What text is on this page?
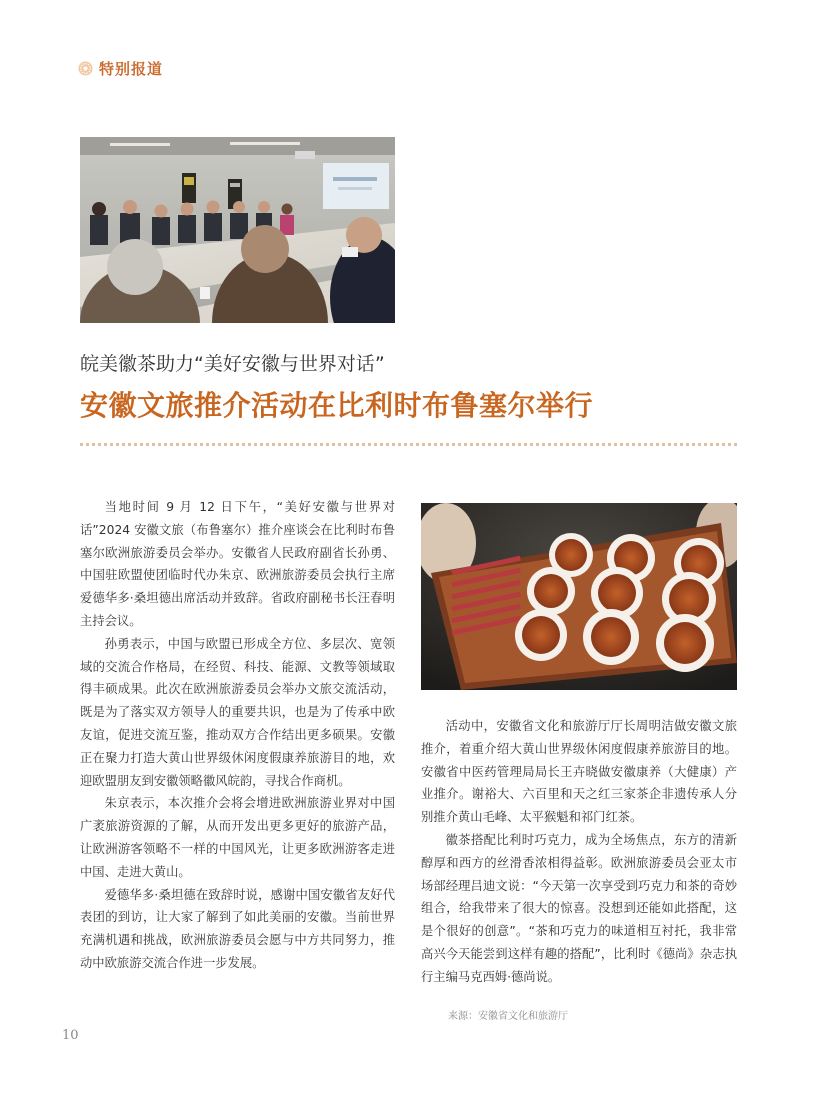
特别报道
皖美徽茶助力“美好安徽与世界对话”
安徽文旅推介活动在比利时布鲁塞尔举行

当地时间 9 月 12 日下午，“美好安徽与世界对话”2024 安徽文旅（布鲁塞尔）推介座谈会在比利时布鲁塞尔欧洲旅游委员会举办。安徽省人民政府副省长孙勇、中国驻欧盟使团临时代办朱京、欧洲旅游委员会执行主席爱德华多·桑坦德出席活动并致辞。省政府副秘书长汪春明主持会议。

孙勇表示，中国与欧盟已形成全方位、多层次、宽领域的交流合作格局，在经贸、科技、能源、文教等领域取得丰硕成果。此次在欧洲旅游委员会举办文旅交流活动，既是为了落实双方领导人的重要共识，也是为了传承中欧友谊，促进交流互鉴，推动双方合作结出更多硕果。安徽正在聚力打造大黄山世界级休闲度假康养旅游目的地，欢迎欧盟朋友到安徽领略徽风皖韵，寻找合作商机。

朱京表示，本次推介会将会增进欧洲旅游业界对中国广袤旅游资源的了解，从而开发出更多更好的旅游产品，让欧洲游客领略不一样的中国风光，让更多欧洲游客走进中国、走进大黄山。

爱德华多·桑坦德在致辞时说，感谢中国安徽省友好代表团的到访，让大家了解到了如此美丽的安徽。当前世界充满机遇和挑战，欧洲旅游委员会愿与中方共同努力，推动中欧旅游交流合作进一步发展。

活动中，安徽省文化和旅游厅厅长周明洁做安徽文旅推介，着重介绍大黄山世界级休闲度假康养旅游目的地。安徽省中医药管理局局长王卉晓做安徽康养（大健康）产业推介。谢裕大、六百里和天之红三家茶企非遗传承人分别推介黄山毛峰、太平猴魁和祁门红茶。

徽茶搭配比利时巧克力，成为全场焦点，东方的清新醇厚和西方的丝滑香浓相得益彰。欧洲旅游委员会亚太市场部经理吕迪文说：“今天第一次享受到巧克力和茶的奇妙组合，给我带来了很大的惊喜。没想到还能如此搭配，这是个很好的创意”。“茶和巧克力的味道相互衬托，我非常高兴今天能尝到这样有趣的搭配”，比利时《德尚》杂志执行主编马克西姆·德尚说。

来源：安徽省文化和旅游厅
10
